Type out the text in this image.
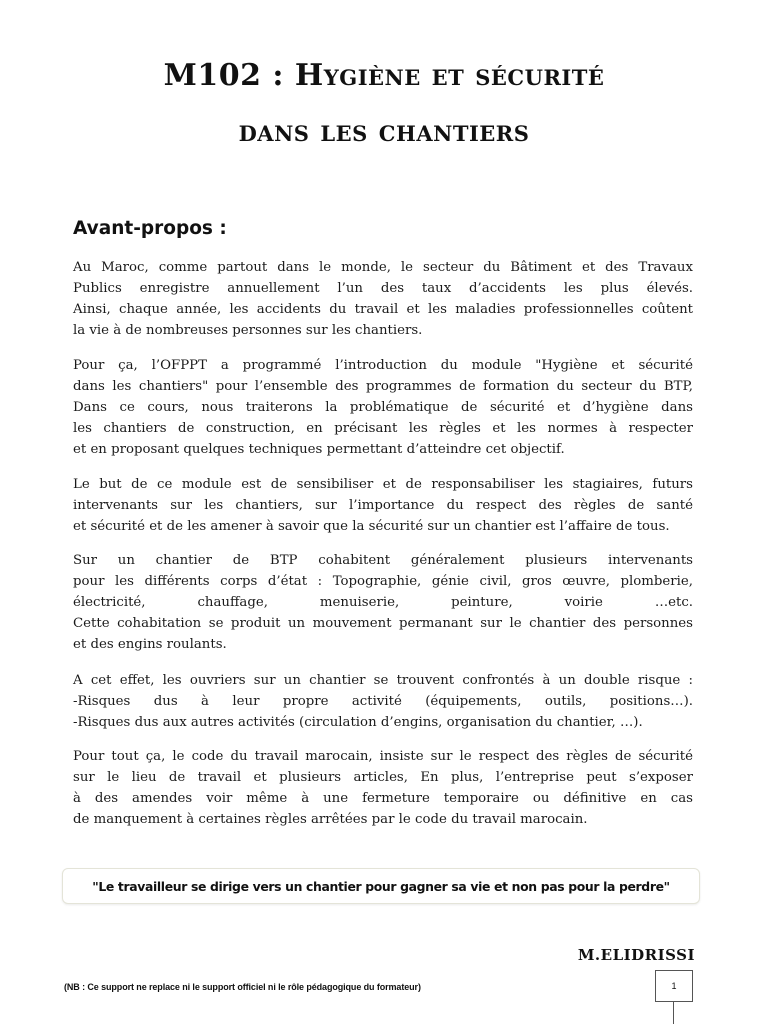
M102 : Hygiène et sécurité
dans les chantiers
Avant-propos :

Au Maroc, comme partout dans le monde, le secteur du Bâtiment et des Travaux
Publics enregistre annuellement l’un des taux d’accidents les plus élevés.
Ainsi, chaque année, les accidents du travail et les maladies professionnelles coûtent
la vie à de nombreuses personnes sur les chantiers.

Pour ça, l’OFPPT a programmé l’introduction du module "Hygiène et sécurité
dans les chantiers" pour l’ensemble des programmes de formation du secteur du BTP,
Dans ce cours, nous traiterons la problématique de sécurité et d’hygiène dans
les chantiers de construction, en précisant les règles et les normes à respecter
et en proposant quelques techniques permettant d’atteindre cet objectif.

Le but de ce module est de sensibiliser et de responsabiliser les stagiaires, futurs
intervenants sur les chantiers, sur l’importance du respect des règles de santé
et sécurité et de les amener à savoir que la sécurité sur un chantier est l’affaire de tous.

Sur un chantier de BTP cohabitent généralement plusieurs intervenants
pour les différents corps d’état : Topographie, génie civil, gros œuvre, plomberie,
électricité, chauffage, menuiserie, peinture, voirie …etc.
Cette cohabitation se produit un mouvement permanant sur le chantier des personnes
et des engins roulants.

A cet effet, les ouvriers sur un chantier se trouvent confrontés à un double risque :
-Risques dus à leur propre activité (équipements, outils, positions…).
-Risques dus aux autres activités (circulation d’engins, organisation du chantier, …).

Pour tout ça, le code du travail marocain, insiste sur le respect des règles de sécurité
sur le lieu de travail et plusieurs articles, En plus, l’entreprise peut s’exposer
à des amendes voir même à une fermeture temporaire ou définitive en cas
de manquement à certaines règles arrêtées par le code du travail marocain.

"Le travailleur se dirige vers un chantier pour gagner sa vie et non pas pour la perdre"
M.ELIDRISSI
(NB : Ce support ne replace ni le support officiel ni le rôle pédagogique du formateur)	1
